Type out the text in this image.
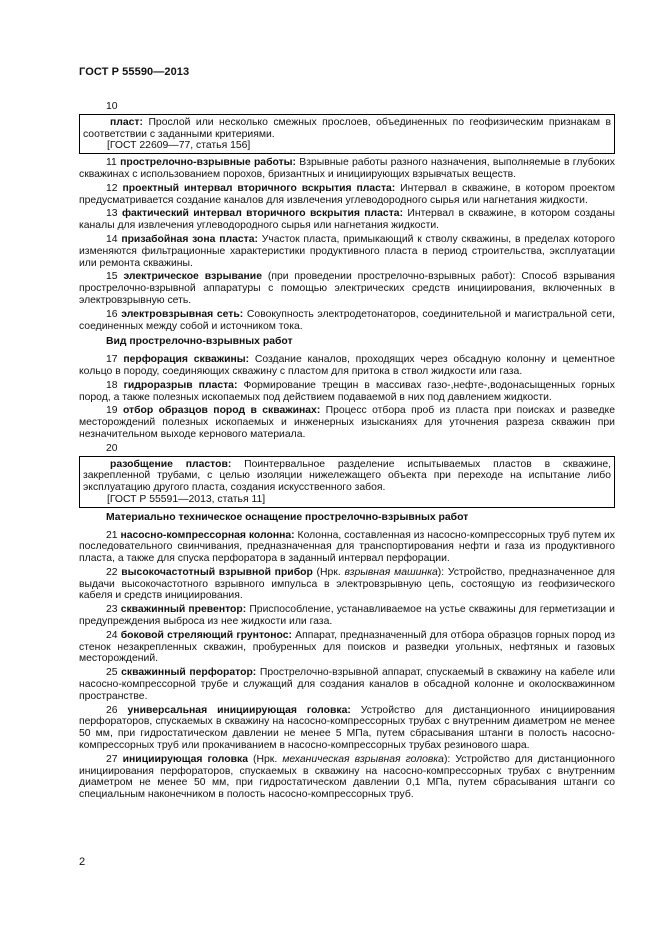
ГОСТ Р 55590—2013
10

пласт: Прослой или несколько смежных прослоев, объединенных по геофизическим признакам в соответствии с заданными критериями.

[ГОСТ 22609—77, статья 156]

11 прострелочно-взрывные работы: Взрывные работы разного назначения, выполняемые в глубоких скважинах с использованием порохов, бризантных и инициирующих взрывчатых веществ.

12 проектный интервал вторичного вскрытия пласта: Интервал в скважине, в котором проектом предусматривается создание каналов для извлечения углеводородного сырья или нагнетания жидкости.

13 фактический интервал вторичного вскрытия пласта: Интервал в скважине, в котором созданы каналы для извлечения углеводородного сырья или нагнетания жидкости.

14 призабойная зона пласта: Участок пласта, примыкающий к стволу скважины, в пределах которого изменяются фильтрационные характеристики продуктивного пласта в период строительства, эксплуатации или ремонта скважины.

15 электрическое взрывание (при проведении прострелочно-взрывных работ): Способ взрывания прострелочно-взрывной аппаратуры с помощью электрических средств инициирования, включенных в электровзрывную сеть.

16 электровзрывная сеть: Совокупность электродетонаторов, соединительной и магистральной сети, соединенных между собой и источником тока.

Вид прострелочно-взрывных работ

17 перфорация скважины: Создание каналов, проходящих через обсадную колонну и цементное кольцо в породу, соединяющих скважину с пластом для притока в ствол жидкости или газа.

18 гидроразрыв пласта: Формирование трещин в массивах газо-,нефте-,водонасыщенных горных пород, а также полезных ископаемых под действием подаваемой в них под давлением жидкости.

19 отбор образцов пород в скважинах: Процесс отбора проб из пласта при поисках и разведке месторождений полезных ископаемых и инженерных изысканиях для уточнения разреза скважин при незначительном выходе кернового материала.

20

разобщение пластов: Поинтервальное разделение испытываемых пластов в скважине, закрепленной трубами, с целью изоляции нижележащего объекта при переходе на испытание либо эксплуатацию другого пласта, создания искусственного забоя.

[ГОСТ Р 55591—2013, статья 11]
Материально техническое оснащение прострелочно-взрывных работ

21 насосно-компрессорная колонна: Колонна, составленная из насосно-компрессорных труб путем их последовательного свинчивания, предназначенная для транспортирования нефти и газа из продуктивного пласта, а также для спуска перфоратора в заданный интервал перфорации.

22 высокочастотный взрывной прибор (Нрк. взрывная машинка): Устройство, предназначенное для выдачи высокочастотного взрывного импульса в электровзрывную цепь, состоящую из геофизического кабеля и средств инициирования.

23 скважинный превентор: Приспособление, устанавливаемое на устье скважины для герметизации и предупреждения выброса из нее жидкости или газа.

24 боковой стреляющий грунтонос: Аппарат, предназначенный для отбора образцов горных пород из стенок незакрепленных скважин, пробуренных для поисков и разведки угольных, нефтяных и газовых месторождений.

25 скважинный перфоратор: Прострелочно-взрывной аппарат, спускаемый в скважину на кабеле или насосно-компрессорной трубе и служащий для создания каналов в обсадной колонне и околоскважинном пространстве.

26 универсальная инициирующая головка: Устройство для дистанционного инициирования перфораторов, спускаемых в скважину на насосно-компрессорных трубах с внутренним диаметром не менее 50 мм, при гидростатическом давлении не менее 5 МПа, путем сбрасывания штанги в полость насосно-компрессорных труб или прокачиванием в насосно-компрессорных трубах резинового шара.

27 инициирующая головка (Нрк. механическая взрывная головка): Устройство для дистанционного инициирования перфораторов, спускаемых в скважину на насосно-компрессорных трубах с внутренним диаметром не менее 50 мм, при гидростатическом давлении 0,1 МПа, путем сбрасывания штанги со специальным наконечником в полость насосно-компрессорных труб.

2
